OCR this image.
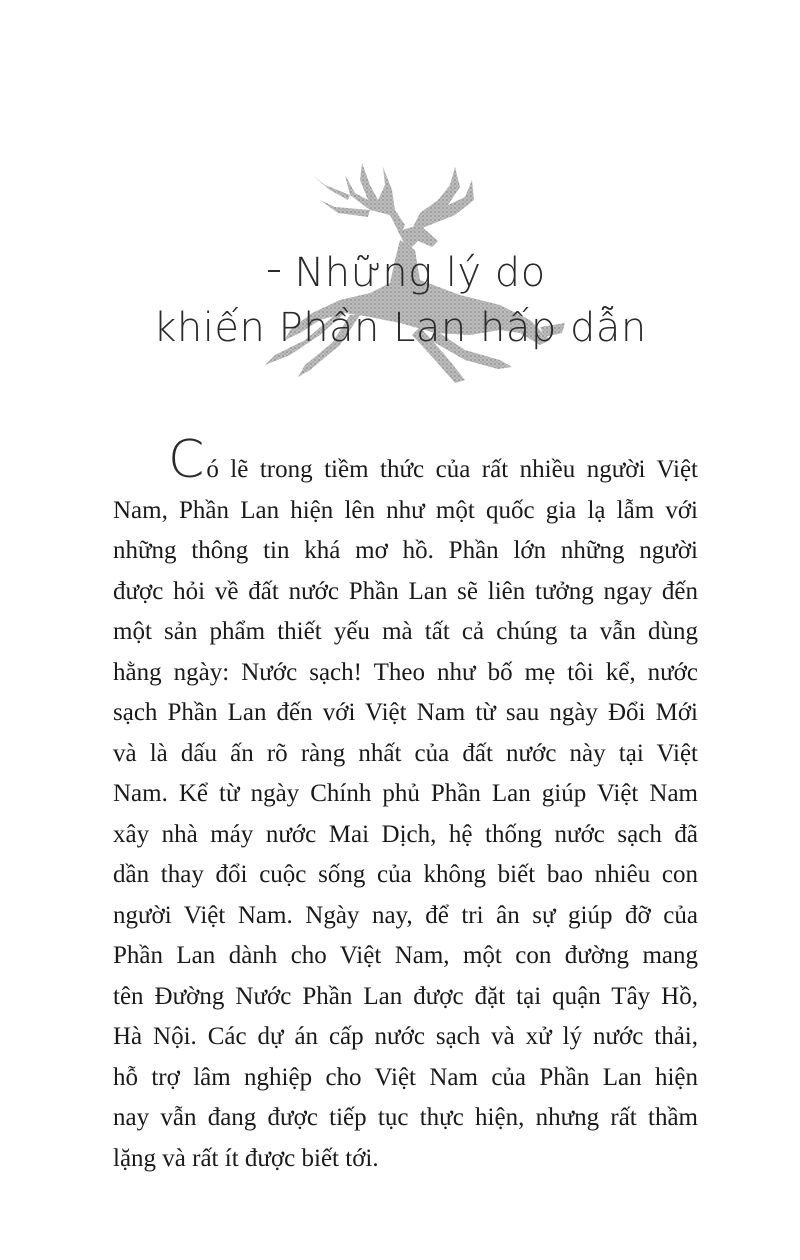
Những lý do
khiến Phần Lan hấp dẫn

Có lẽ trong tiềm thức của rất nhiều người Việt
Nam, Phần Lan hiện lên như một quốc gia lạ lẫm với
những thông tin khá mơ hồ. Phần lớn những người
được hỏi về đất nước Phần Lan sẽ liên tưởng ngay đến
một sản phẩm thiết yếu mà tất cả chúng ta vẫn dùng
hằng ngày: Nước sạch! Theo như bố mẹ tôi kể, nước
sạch Phần Lan đến với Việt Nam từ sau ngày Đổi Mới
và là dấu ấn rõ ràng nhất của đất nước này tại Việt
Nam. Kể từ ngày Chính phủ Phần Lan giúp Việt Nam
xây nhà máy nước Mai Dịch, hệ thống nước sạch đã
dần thay đổi cuộc sống của không biết bao nhiêu con
người Việt Nam. Ngày nay, để tri ân sự giúp đỡ của
Phần Lan dành cho Việt Nam, một con đường mang
tên Đường Nước Phần Lan được đặt tại quận Tây Hồ,
Hà Nội. Các dự án cấp nước sạch và xử lý nước thải,
hỗ trợ lâm nghiệp cho Việt Nam của Phần Lan hiện
nay vẫn đang được tiếp tục thực hiện, nhưng rất thầm
lặng và rất ít được biết tới.
